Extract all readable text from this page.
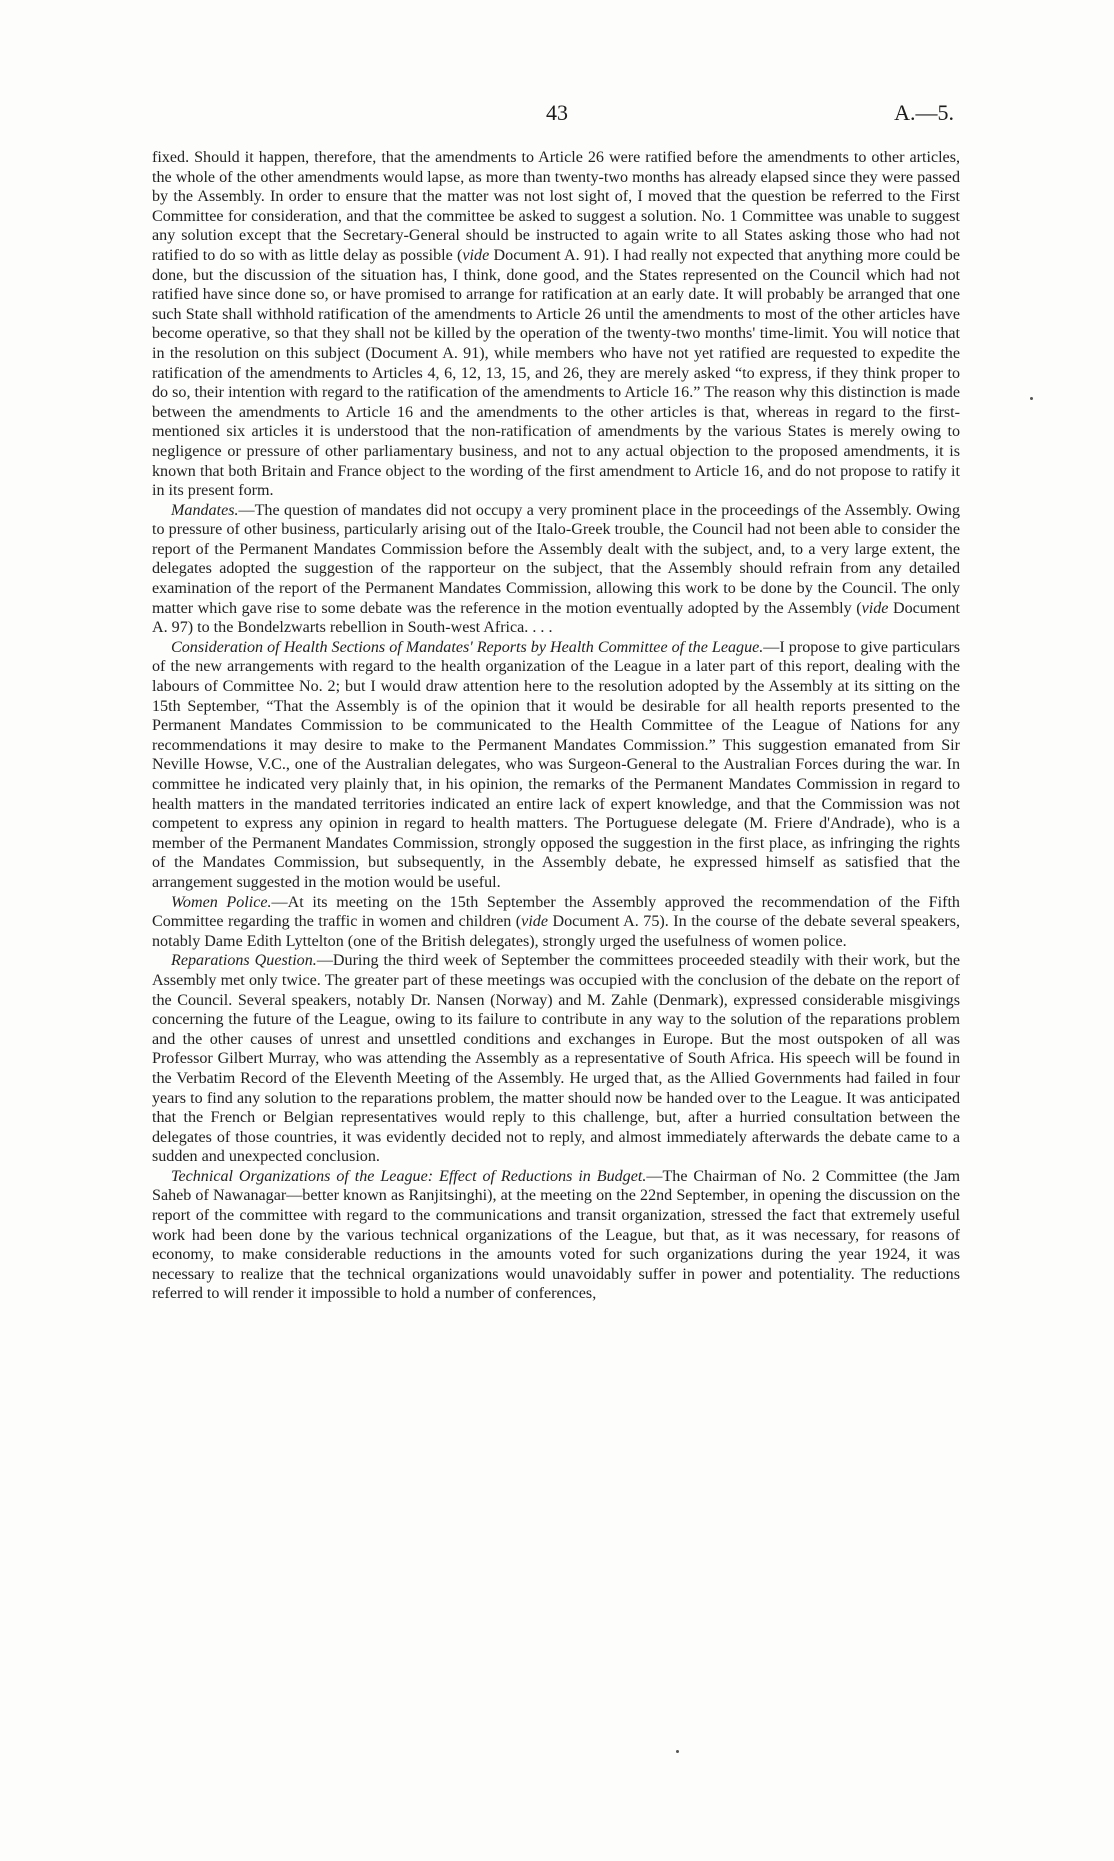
43	A.—5.

fixed. Should it happen, therefore, that the amendments to Article 26 were ratified before the amendments to other articles, the whole of the other amendments would lapse, as more than twenty-two months has already elapsed since they were passed by the Assembly. In order to ensure that the matter was not lost sight of, I moved that the question be referred to the First Committee for consideration, and that the committee be asked to suggest a solution. No. 1 Committee was unable to suggest any solution except that the Secretary-General should be instructed to again write to all States asking those who had not ratified to do so with as little delay as possible (vide Document A. 91). I had really not expected that anything more could be done, but the discussion of the situation has, I think, done good, and the States represented on the Council which had not ratified have since done so, or have promised to arrange for ratification at an early date. It will probably be arranged that one such State shall withhold ratification of the amendments to Article 26 until the amendments to most of the other articles have become operative, so that they shall not be killed by the operation of the twenty-two months' time-limit. You will notice that in the resolution on this subject (Document A. 91), while members who have not yet ratified are requested to expedite the ratification of the amendments to Articles 4, 6, 12, 13, 15, and 26, they are merely asked “to express, if they think proper to do so, their intention with regard to the ratification of the amendments to Article 16.” The reason why this distinction is made between the amendments to Article 16 and the amendments to the other articles is that, whereas in regard to the first-mentioned six articles it is understood that the non-ratification of amendments by the various States is merely owing to negligence or pressure of other parliamentary business, and not to any actual objection to the proposed amendments, it is known that both Britain and France object to the wording of the first amendment to Article 16, and do not propose to ratify it in its present form.

Mandates.—The question of mandates did not occupy a very prominent place in the proceedings of the Assembly. Owing to pressure of other business, particularly arising out of the Italo-Greek trouble, the Council had not been able to consider the report of the Permanent Mandates Commission before the Assembly dealt with the subject, and, to a very large extent, the delegates adopted the suggestion of the rapporteur on the subject, that the Assembly should refrain from any detailed examination of the report of the Permanent Mandates Commission, allowing this work to be done by the Council. The only matter which gave rise to some debate was the reference in the motion eventually adopted by the Assembly (vide Document A. 97) to the Bondelzwarts rebellion in South-west Africa. . . .

Consideration of Health Sections of Mandates' Reports by Health Committee of the League.—I propose to give particulars of the new arrangements with regard to the health organization of the League in a later part of this report, dealing with the labours of Committee No. 2; but I would draw attention here to the resolution adopted by the Assembly at its sitting on the 15th September, “That the Assembly is of the opinion that it would be desirable for all health reports presented to the Permanent Mandates Commission to be communicated to the Health Committee of the League of Nations for any recommendations it may desire to make to the Permanent Mandates Commission.” This suggestion emanated from Sir Neville Howse, V.C., one of the Australian delegates, who was Surgeon-General to the Australian Forces during the war. In committee he indicated very plainly that, in his opinion, the remarks of the Permanent Mandates Commission in regard to health matters in the mandated territories indicated an entire lack of expert knowledge, and that the Commission was not competent to express any opinion in regard to health matters. The Portuguese delegate (M. Friere d'Andrade), who is a member of the Permanent Mandates Commission, strongly opposed the suggestion in the first place, as infringing the rights of the Mandates Commission, but subsequently, in the Assembly debate, he expressed himself as satisfied that the arrangement suggested in the motion would be useful.

Women Police.—At its meeting on the 15th September the Assembly approved the recommendation of the Fifth Committee regarding the traffic in women and children (vide Document A. 75). In the course of the debate several speakers, notably Dame Edith Lyttelton (one of the British delegates), strongly urged the usefulness of women police.

Reparations Question.—During the third week of September the committees proceeded steadily with their work, but the Assembly met only twice. The greater part of these meetings was occupied with the conclusion of the debate on the report of the Council. Several speakers, notably Dr. Nansen (Norway) and M. Zahle (Denmark), expressed considerable misgivings concerning the future of the League, owing to its failure to contribute in any way to the solution of the reparations problem and the other causes of unrest and unsettled conditions and exchanges in Europe. But the most outspoken of all was Professor Gilbert Murray, who was attending the Assembly as a representative of South Africa. His speech will be found in the Verbatim Record of the Eleventh Meeting of the Assembly. He urged that, as the Allied Governments had failed in four years to find any solution to the reparations problem, the matter should now be handed over to the League. It was anticipated that the French or Belgian representatives would reply to this challenge, but, after a hurried consultation between the delegates of those countries, it was evidently decided not to reply, and almost immediately afterwards the debate came to a sudden and unexpected conclusion.

Technical Organizations of the League: Effect of Reductions in Budget.—The Chairman of No. 2 Committee (the Jam Saheb of Nawanagar—better known as Ranjitsinghi), at the meeting on the 22nd September, in opening the discussion on the report of the committee with regard to the communications and transit organization, stressed the fact that extremely useful work had been done by the various technical organizations of the League, but that, as it was necessary, for reasons of economy, to make considerable reductions in the amounts voted for such organizations during the year 1924, it was necessary to realize that the technical organizations would unavoidably suffer in power and potentiality. The reductions referred to will render it impossible to hold a number of conferences,
